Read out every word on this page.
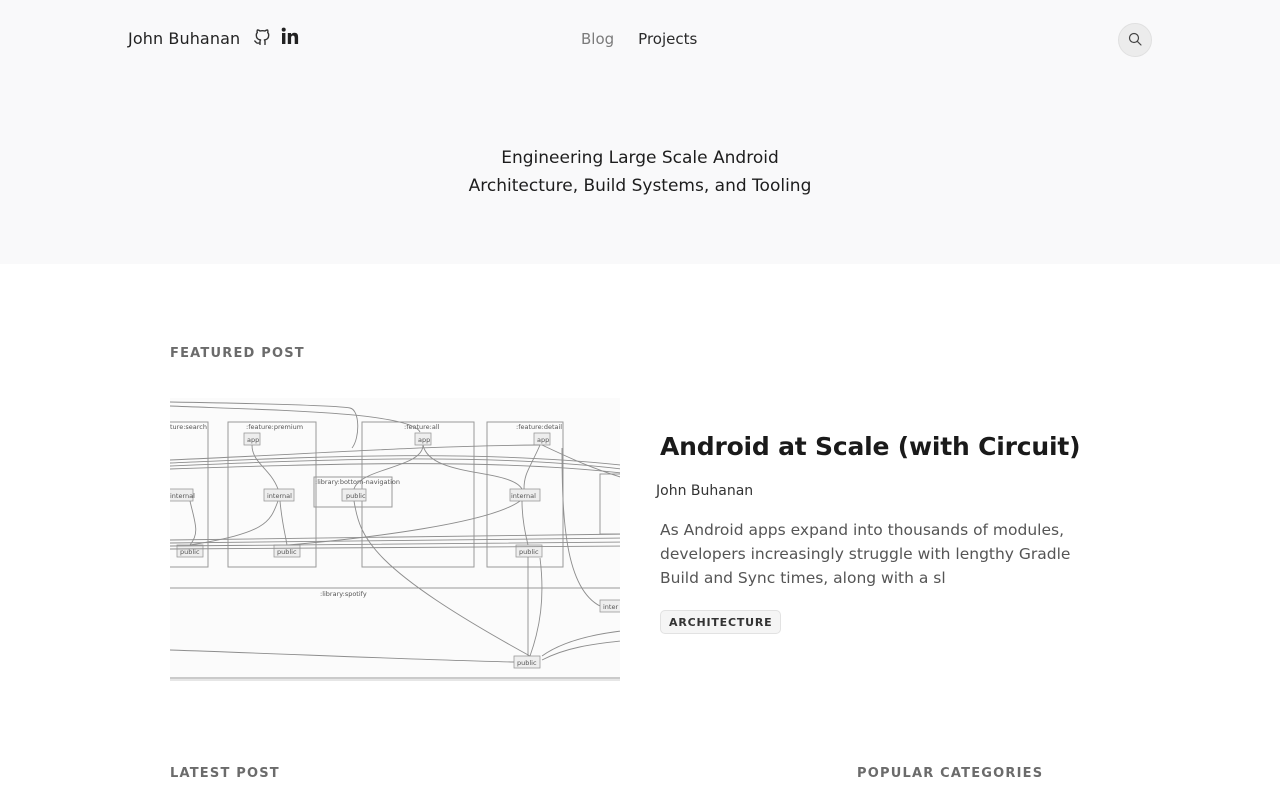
John Buhanan	Blog Projects
Engineering Large Scale Android
Architecture, Build Systems, and Tooling
FEATURED POST
ture:search	:feature:premium	:feature:all	:feature:detail
:library:bottom-navigation
:library:spotify
app	app	app
internal	internal	internal
public
public	public	public
inter
public
Android at Scale (with Circuit)
John Buhanan

As Android apps expand into thousands of modules, developers increasingly struggle with lengthy Gradle Build and Sync times, along with a sl

ARCHITECTURE
LATEST POST	POPULAR CATEGORIES
